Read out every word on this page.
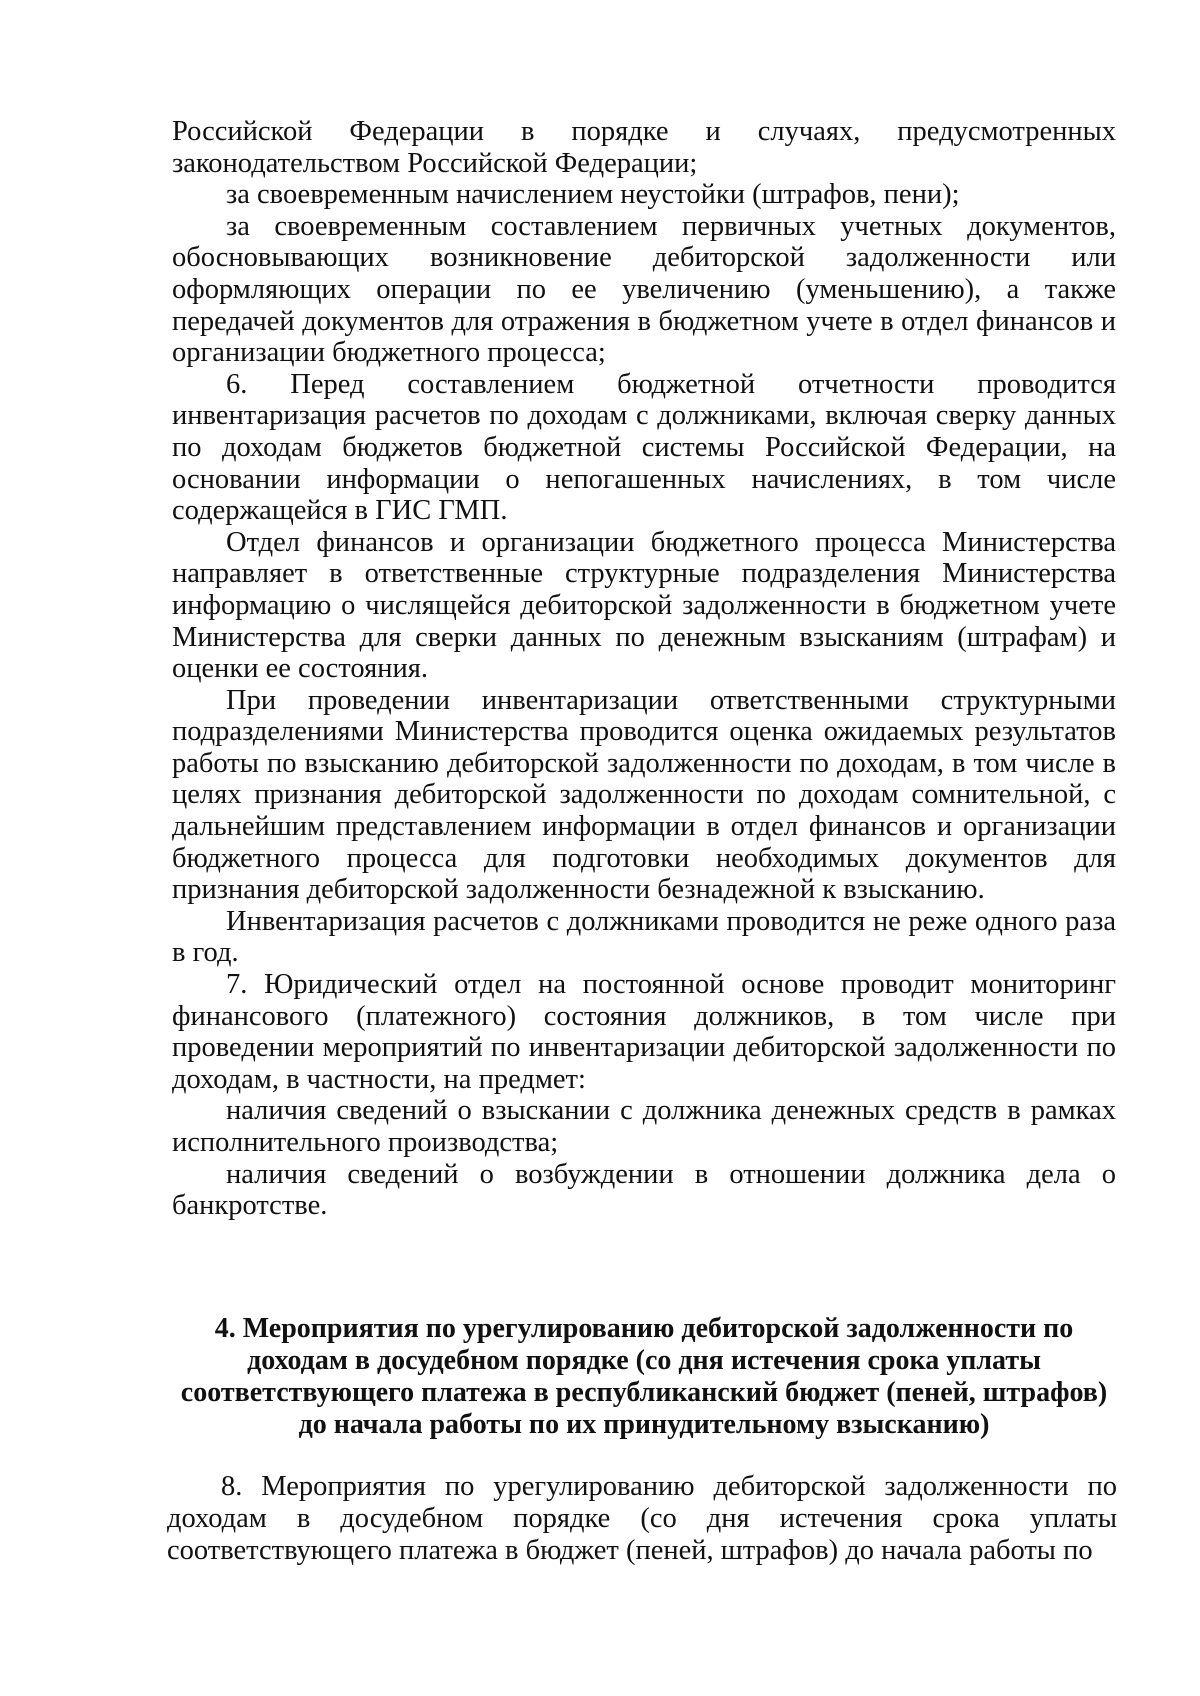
Российской Федерации в порядке и случаях, предусмотренных законодательством Российской Федерации;

за своевременным начислением неустойки (штрафов, пени);

за своевременным составлением первичных учетных документов, обосновывающих возникновение дебиторской задолженности или оформляющих операции по ее увеличению (уменьшению), а также передачей документов для отражения в бюджетном учете в отдел финансов и организации бюджетного процесса;

6. Перед составлением бюджетной отчетности проводится инвентаризация расчетов по доходам с должниками, включая сверку данных по доходам бюджетов бюджетной системы Российской Федерации, на основании информации о непогашенных начислениях, в том числе содержащейся в ГИС ГМП.

Отдел финансов и организации бюджетного процесса Министерства направляет в ответственные структурные подразделения Министерства информацию о числящейся дебиторской задолженности в бюджетном учете Министерства для сверки данных по денежным взысканиям (штрафам) и оценки ее состояния.

При проведении инвентаризации ответственными структурными подразделениями Министерства проводится оценка ожидаемых результатов работы по взысканию дебиторской задолженности по доходам, в том числе в целях признания дебиторской задолженности по доходам сомнительной, с дальнейшим представлением информации в отдел финансов и организации бюджетного процесса для подготовки необходимых документов для признания дебиторской задолженности безнадежной к взысканию.

Инвентаризация расчетов с должниками проводится не реже одного раза в год.

7. Юридический отдел на постоянной основе проводит мониторинг финансового (платежного) состояния должников, в том числе при проведении мероприятий по инвентаризации дебиторской задолженности по доходам, в частности, на предмет:

наличия сведений о взыскании с должника денежных средств в рамках исполнительного производства;

наличия сведений о возбуждении в отношении должника дела о банкротстве.

4. Мероприятия по урегулированию дебиторской задолженности по доходам в досудебном порядке (со дня истечения срока уплаты соответствующего платежа в республиканский бюджет (пеней, штрафов) до начала работы по их принудительному взысканию)

8. Мероприятия по урегулированию дебиторской задолженности по доходам в досудебном порядке (со дня истечения срока уплаты соответствующего платежа в бюджет (пеней, штрафов) до начала работы по
